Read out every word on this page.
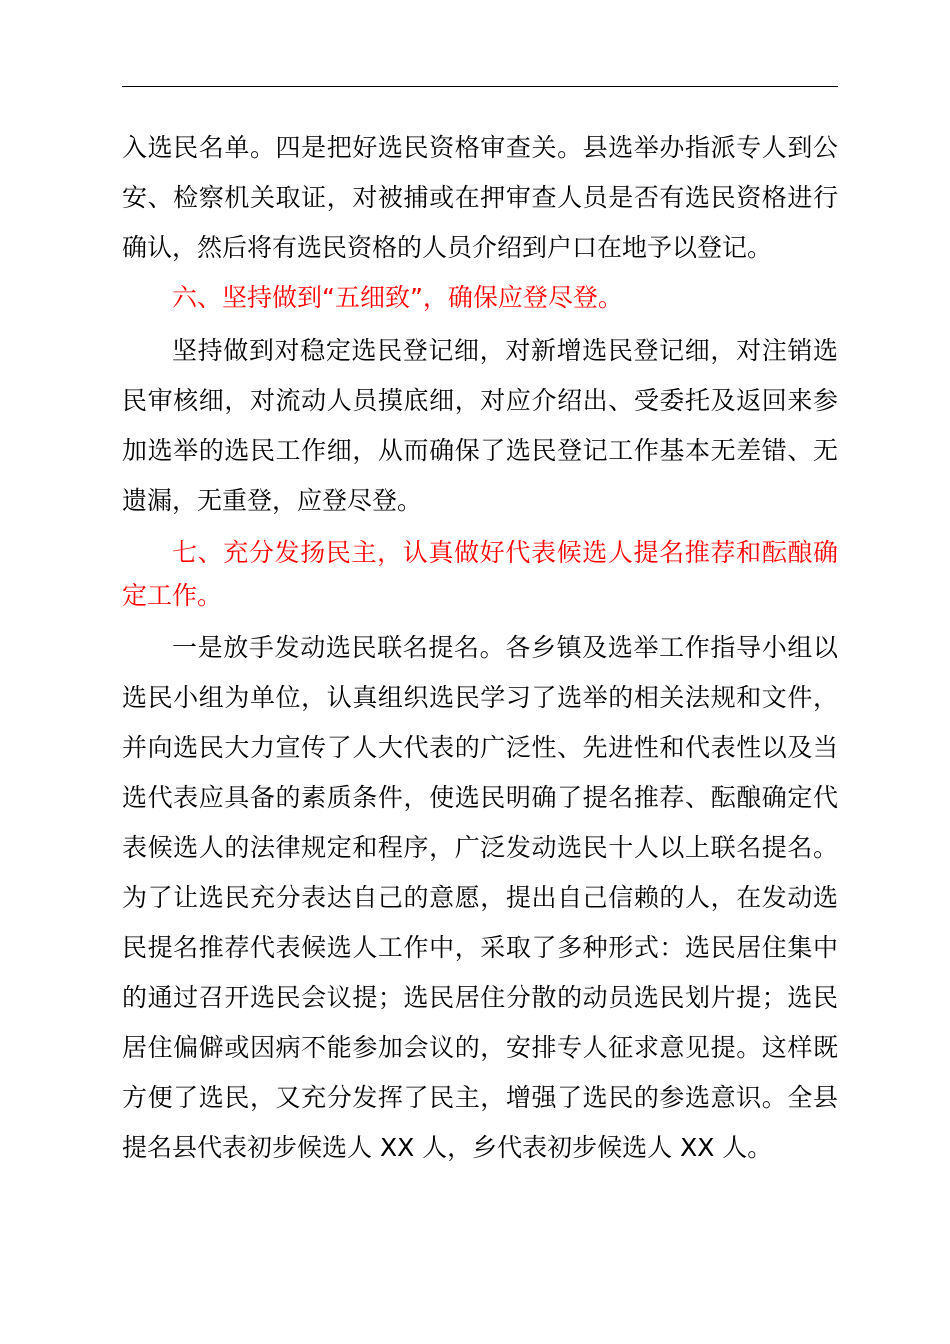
入选民名单。四是把好选民资格审查关。县选举办指派专人到公安、检察机关取证，对被捕或在押审查人员是否有选民资格进行确认，然后将有选民资格的人员介绍到户口在地予以登记。

六、坚持做到“五细致”，确保应登尽登。

坚持做到对稳定选民登记细，对新增选民登记细，对注销选民审核细，对流动人员摸底细，对应介绍出、受委托及返回来参加选举的选民工作细，从而确保了选民登记工作基本无差错、无遗漏，无重登，应登尽登。

七、充分发扬民主，认真做好代表候选人提名推荐和酝酿确定工作。

一是放手发动选民联名提名。各乡镇及选举工作指导小组以选民小组为单位，认真组织选民学习了选举的相关法规和文件，并向选民大力宣传了人大代表的广泛性、先进性和代表性以及当选代表应具备的素质条件，使选民明确了提名推荐、酝酿确定代表候选人的法律规定和程序，广泛发动选民十人以上联名提名。为了让选民充分表达自己的意愿，提出自己信赖的人，在发动选民提名推荐代表候选人工作中，采取了多种形式：选民居住集中的通过召开选民会议提；选民居住分散的动员选民划片提；选民居住偏僻或因病不能参加会议的，安排专人征求意见提。这样既方便了选民，又充分发挥了民主，增强了选民的参选意识。全县提名县代表初步候选人 XX 人，乡代表初步候选人 XX 人。
